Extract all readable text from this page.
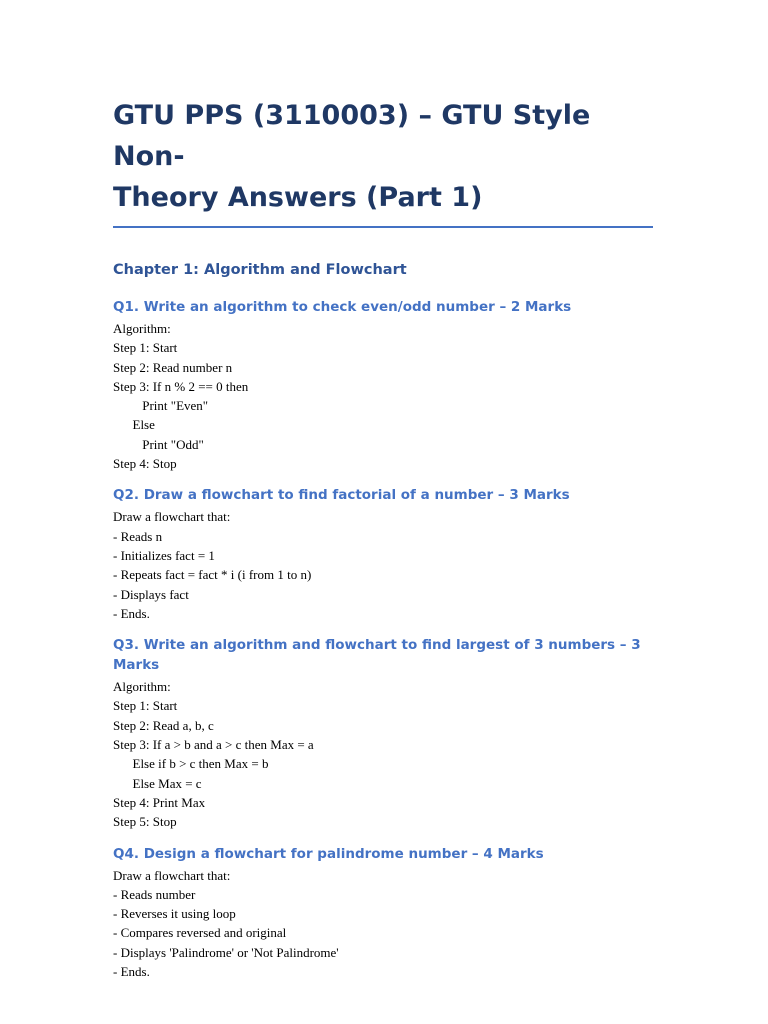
GTU PPS (3110003) – GTU Style Non-
Theory Answers (Part 1)
Chapter 1: Algorithm and Flowchart
Q1. Write an algorithm to check even/odd number – 2 Marks
Algorithm:
Step 1: Start
Step 2: Read number n
Step 3: If n % 2 == 0 then
Print "Even"
Else
Print "Odd"
Step 4: Stop
Q2. Draw a flowchart to find factorial of a number – 3 Marks
Draw a flowchart that:
- Reads n
- Initializes fact = 1
- Repeats fact = fact * i (i from 1 to n)
- Displays fact
- Ends.
Q3. Write an algorithm and flowchart to find largest of 3 numbers – 3 Marks
Algorithm:
Step 1: Start
Step 2: Read a, b, c
Step 3: If a > b and a > c then Max = a
Else if b > c then Max = b
Else Max = c
Step 4: Print Max
Step 5: Stop
Q4. Design a flowchart for palindrome number – 4 Marks
Draw a flowchart that:
- Reads number
- Reverses it using loop
- Compares reversed and original
- Displays 'Palindrome' or 'Not Palindrome'
- Ends.
